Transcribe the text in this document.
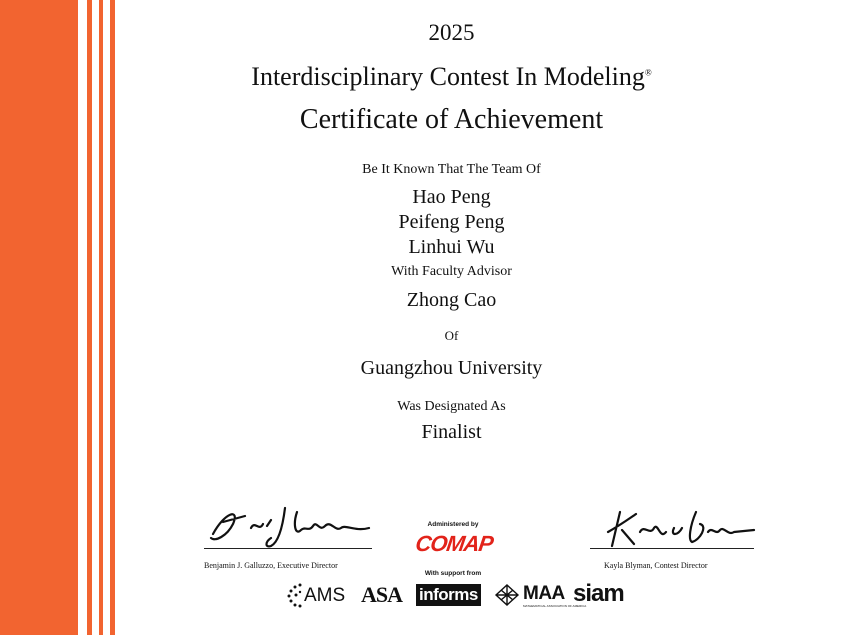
2025
Interdisciplinary Contest In Modeling®
Certificate of Achievement
Be It Known That The Team Of
Hao Peng
Peifeng Peng
Linhui Wu
With Faculty Advisor
Zhong Cao
Of
Guangzhou University
Was Designated As
Finalist
Benjamin J. Galluzzo, Executive Director	Kayla Blyman, Contest Director
Administered by
COMAP
With support from
AMS ASA informs MAA
MATHEMATICAL ASSOCIATION OF AMERICA
siam
